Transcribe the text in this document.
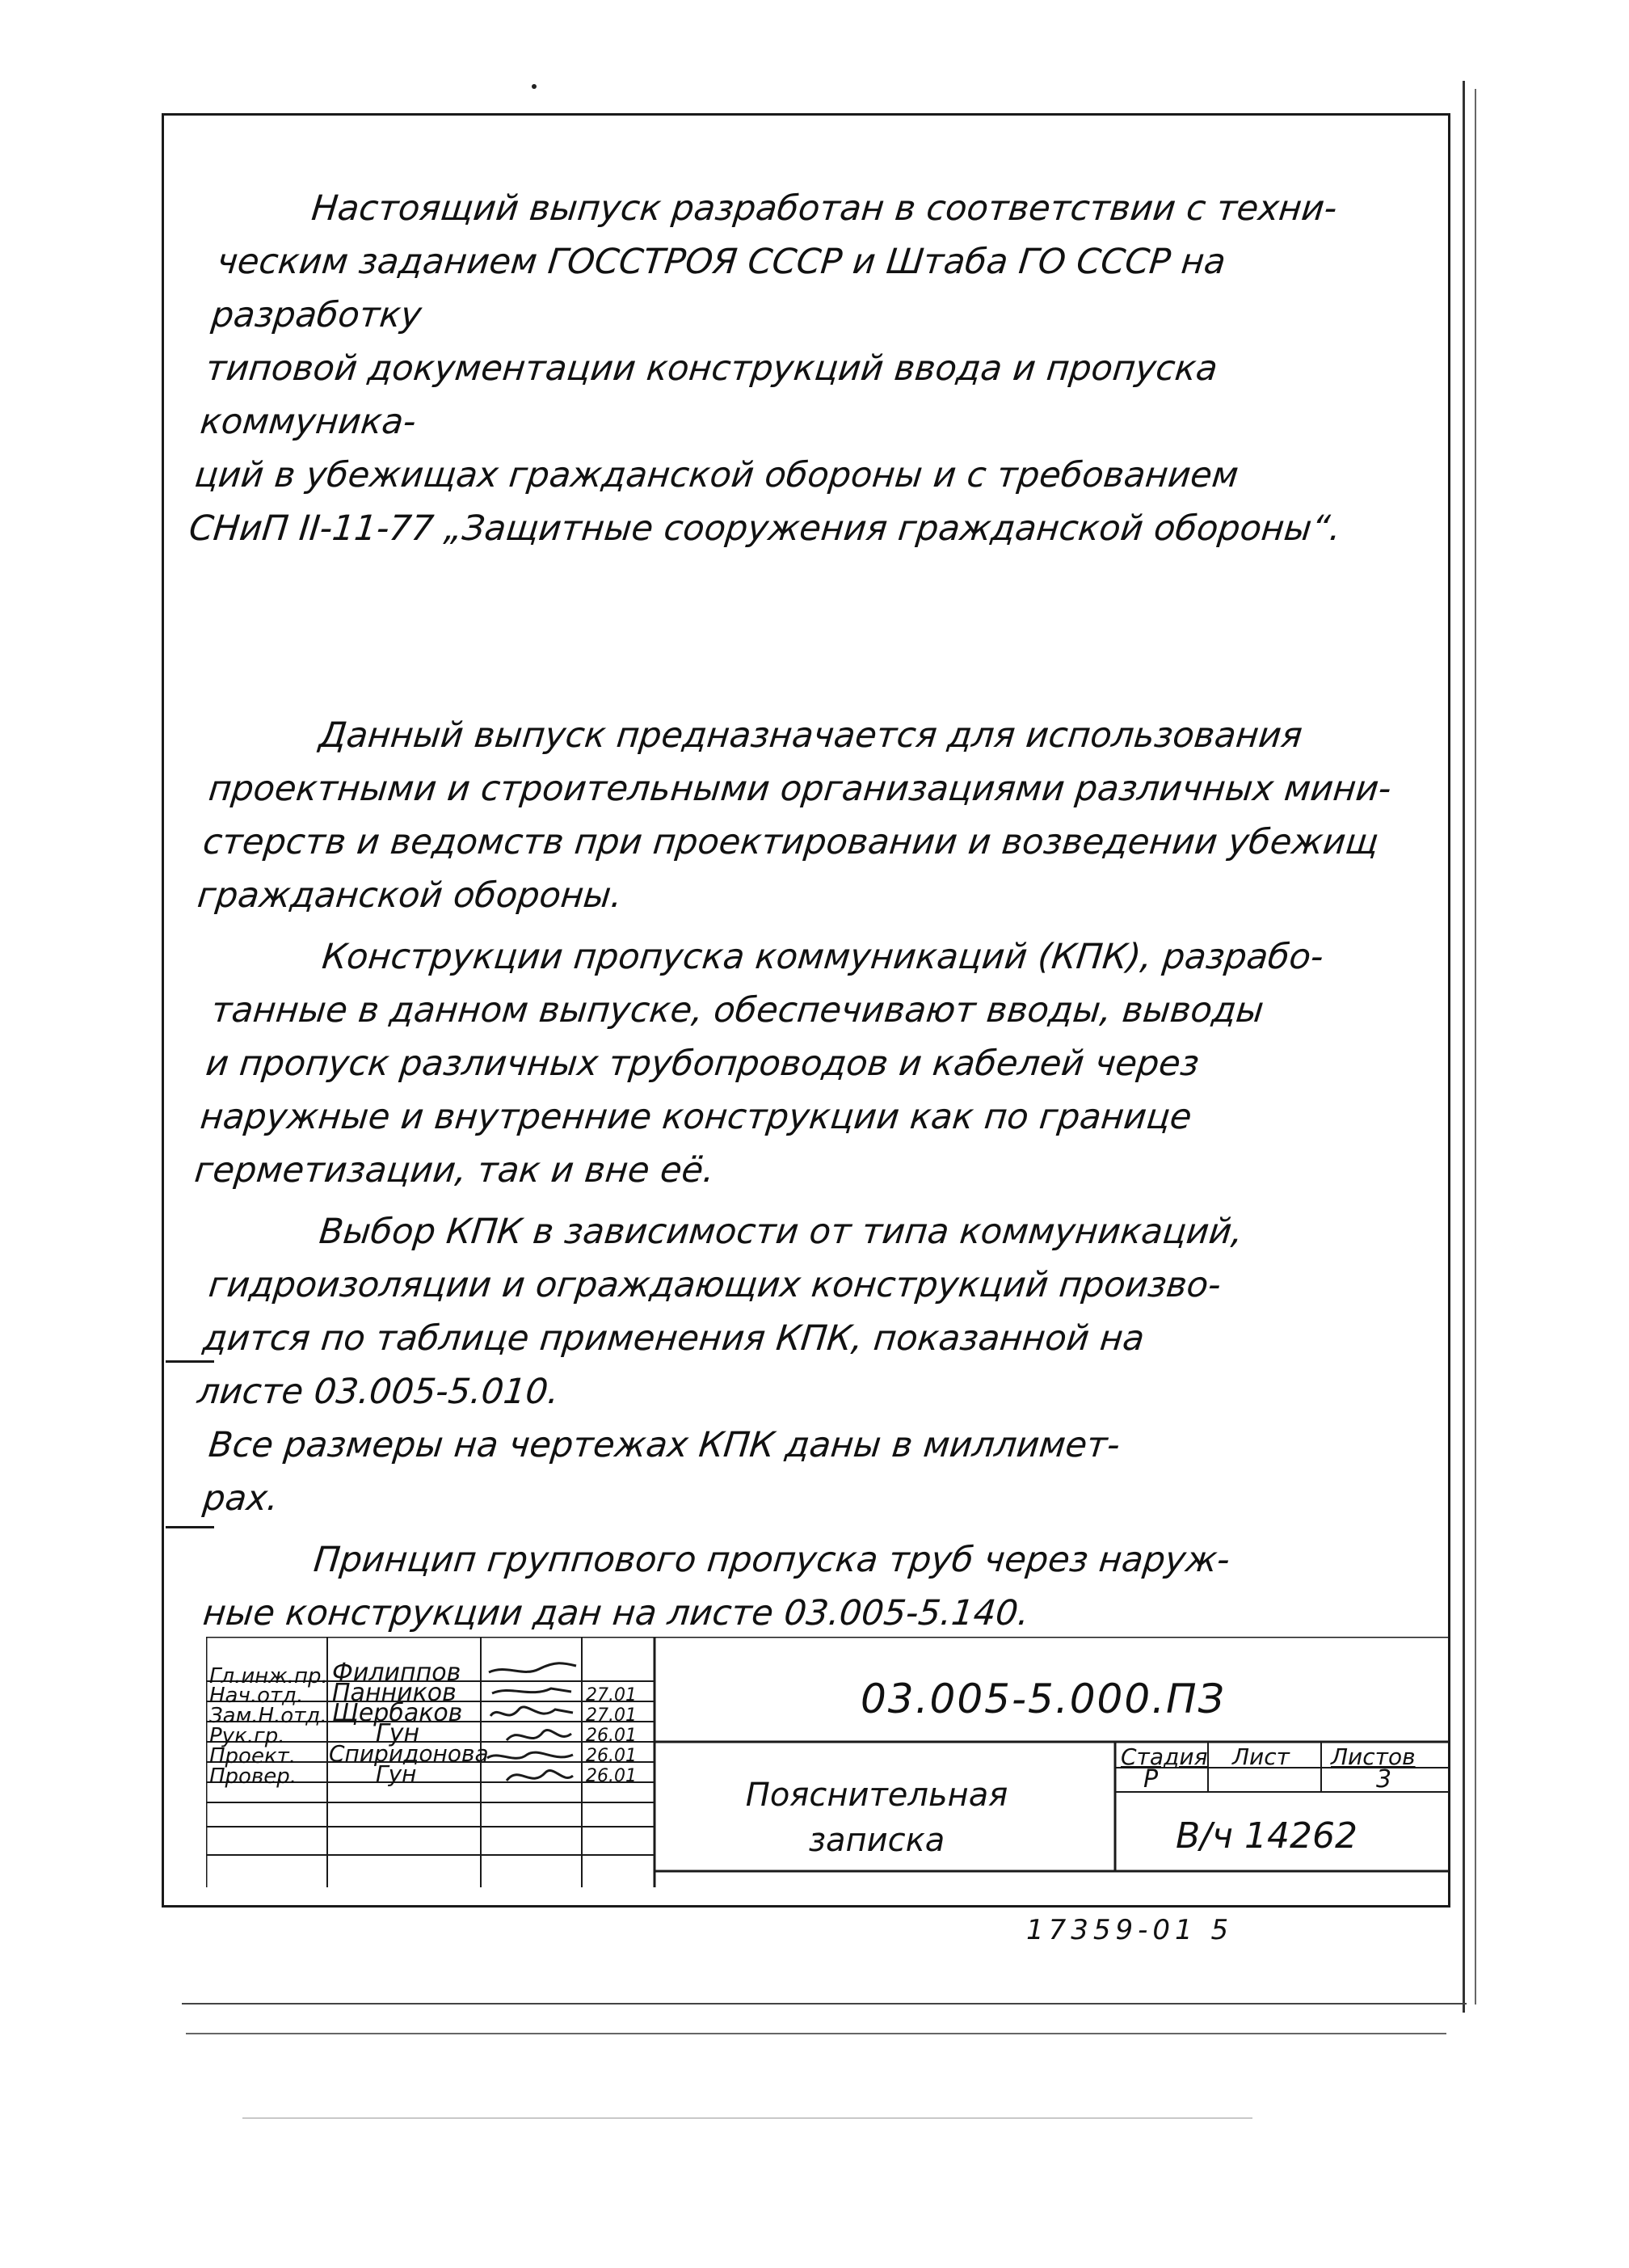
Настоящий выпуск разработан в соответствии с техни-
ческим заданием ГОССТРОЯ СССР и Штаба ГО СССР на разработку
типовой документации конструкций ввода и пропуска коммуника-
ций в убежищах гражданской обороны и с требованием
СНиП II-11-77 „Защитные сооружения гражданской обороны“.

Данный выпуск предназначается для использования
проектными и строительными организациями различных мини-
стерств и ведомств при проектировании и возведении убежищ
гражданской обороны.

Конструкции пропуска коммуникаций (КПК), разрабо-
танные в данном выпуске, обеспечивают вводы, выводы
и пропуск различных трубопроводов и кабелей через
наружные и внутренние конструкции как по границе
герметизации, так и вне её.

Выбор КПК в зависимости от типа коммуникаций,
гидроизоляции и ограждающих конструкций произво-
дится по таблице применения КПК, показанной на
листе 03.005-5.010.

Все размеры на чертежах КПК даны в миллимет-
рах.

Принцип группового пропуска труб через наруж-
ные конструкции дан на листе 03.005-5.140.

Гл.инж.пр.
Нач.отд.
Зам.Н.отд.
Рук.гр.
Проект.
Провер.
Филиппов
Панников
Щербаков
Гун
Спиридонова
Гун
27.01
27.01
26.01
26.01
26.01
03.005-5.000.ПЗ
Пояснительная
записка
Стадия Лист Листов
Р	3
В/ч 14262
17359-01 5
